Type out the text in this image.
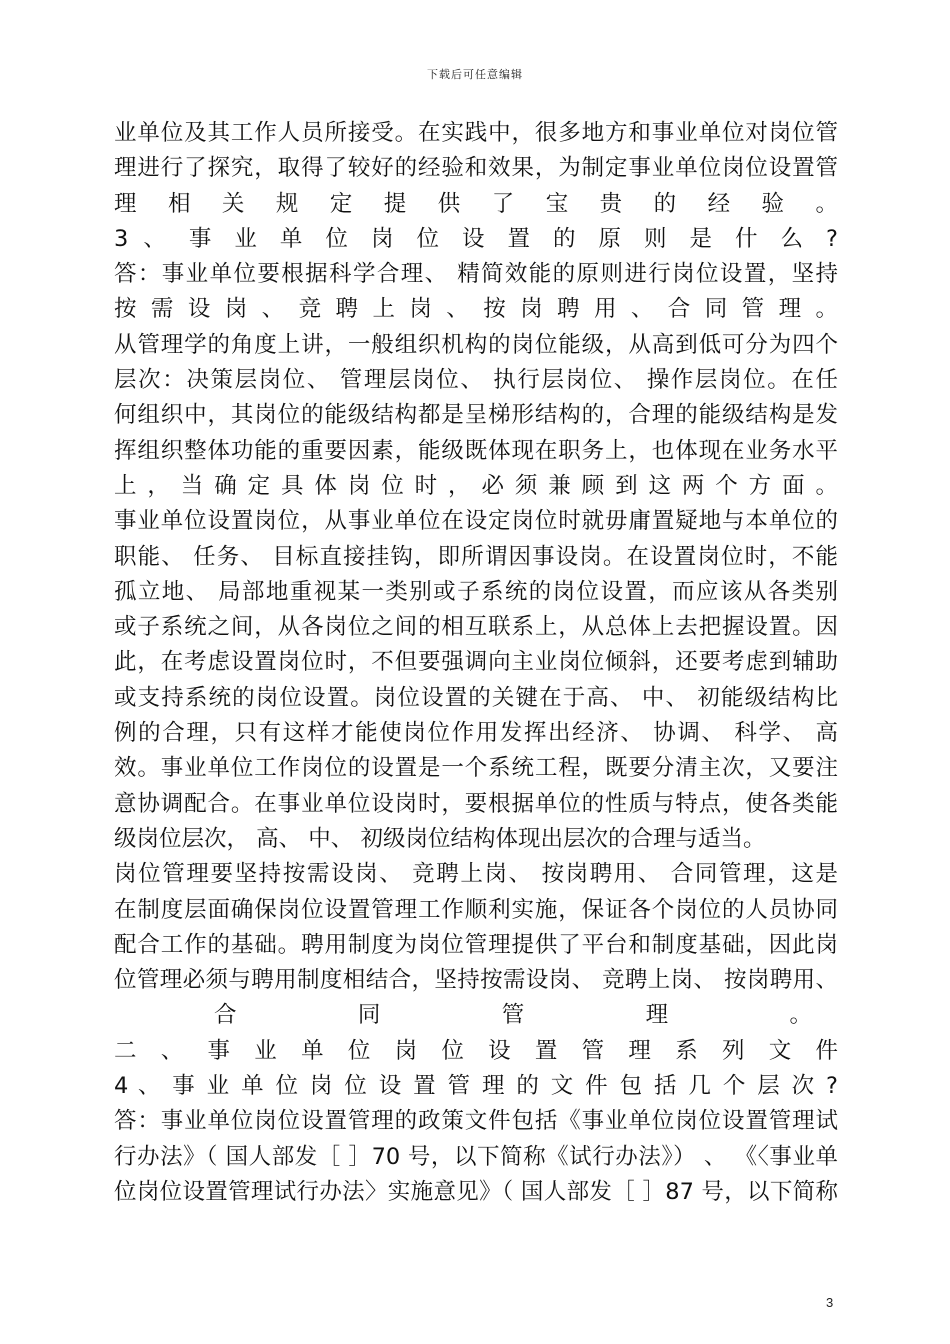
下载后可任意编辑
业单位及其工作人员所接受。在实践中，很多地方和事业单位对岗位管
理进行了探究，取得了较好的经验和效果，为制定事业单位岗位设置管
理 相 关 规 定 提 供 了 宝 贵 的 经 验 。
3 、 事 业 单 位 岗 位 设 置 的 原 则 是 什 么 ?
答：事业单位要根据科学合理、 精简效能的原则进行岗位设置，坚持
按 需 设 岗 、 竞 聘 上 岗 、 按 岗 聘 用 、 合 同 管 理 。
从管理学的角度上讲，一般组织机构的岗位能级，从高到低可分为四个
层次：决策层岗位、 管理层岗位、 执行层岗位、 操作层岗位。在任
何组织中，其岗位的能级结构都是呈梯形结构的，合理的能级结构是发
挥组织整体功能的重要因素，能级既体现在职务上，也体现在业务水平
上 ， 当 确 定 具 体 岗 位 时 ， 必 须 兼 顾 到 这 两 个 方 面 。
事业单位设置岗位，从事业单位在设定岗位时就毋庸置疑地与本单位的
职能、 任务、 目标直接挂钩，即所谓因事设岗。在设置岗位时，不能
孤立地、 局部地重视某一类别或子系统的岗位设置，而应该从各类别
或子系统之间，从各岗位之间的相互联系上，从总体上去把握设置。因
此，在考虑设置岗位时，不但要强调向主业岗位倾斜，还要考虑到辅助
或支持系统的岗位设置。岗位设置的关键在于高、 中、 初能级结构比
例的合理，只有这样才能使岗位作用发挥出经济、 协调、 科学、 高
效。事业单位工作岗位的设置是一个系统工程，既要分清主次，又要注
意协调配合。在事业单位设岗时，要根据单位的性质与特点，使各类能
级岗位层次， 高、 中、 初级岗位结构体现出层次的合理与适当。
岗位管理要坚持按需设岗、 竞聘上岗、 按岗聘用、 合同管理，这是
在制度层面确保岗位设置管理工作顺利实施，保证各个岗位的人员协同
配合工作的基础。聘用制度为岗位管理提供了平台和制度基础，因此岗
位管理必须与聘用制度相结合，坚持按需设岗、 竞聘上岗、 按岗聘用、
合 同 管 理 。
二 、 事 业 单 位 岗 位 设 置 管 理 系 列 文 件
4 、 事 业 单 位 岗 位 设 置 管 理 的 文 件 包 括 几 个 层 次 ?
答：事业单位岗位设置管理的政策文件包括《事业单位岗位设置管理试
行办法》（ 国人部发［ ］70 号，以下简称《试行办法》） 、 《〈事业单
位岗位设置管理试行办法〉实施意见》（ 国人部发［ ］87 号，以下简称
3
